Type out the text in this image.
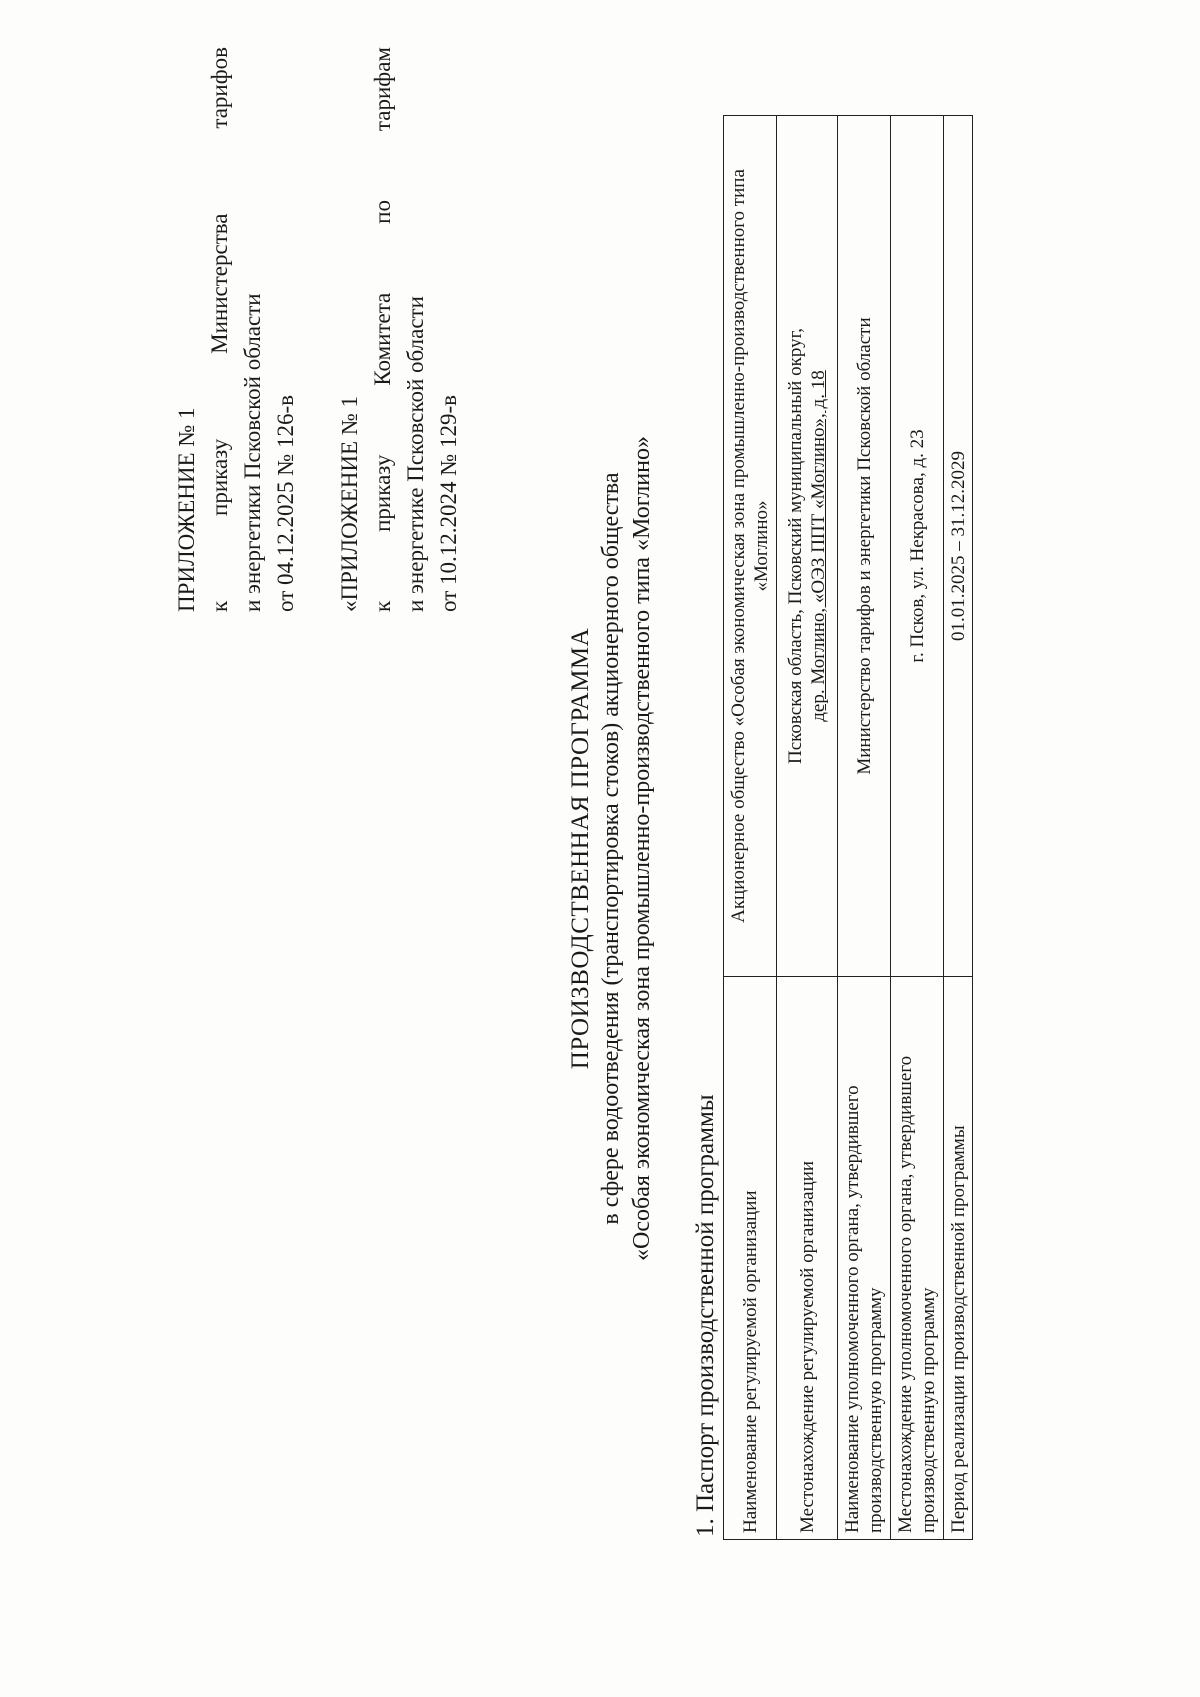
ПРИЛОЖЕНИЕ № 1 к
приказу
Министерства
тарифов
и энергетики Псковской области от 04.12.2025 № 126-в «ПРИЛОЖЕНИЕ № 1 к
приказу
Комитета
по
тарифам
и энергетике Псковской области от 10.12.2024 № 129-в
ПРОИЗВОДСТВЕННАЯ ПРОГРАММА в сфере водоотведения (транспортировка стоков) акционерного общества «Особая экономическая зона промышленно-производственного типа «Моглино»
1. Паспорт производственной программы Наименование регулируемой организации	Акционерное общество «Особая экономическая зона промышленно-производственного типа «Моглино»
Местонахождение регулируемой организации	Псковская область, Псковский муниципальный округ, дер. Моглино, «ОЭЗ ППТ «Моглино», д. 18

Наименование уполномоченного органа, утвердившего производственную программу	Министерство тарифов и энергетики Псковской области
Местонахождение уполномоченного органа, утвердившего производственную программу	г. Псков, ул. Некрасова, д. 23
Период реализации производственной программы	01.01.2025 – 31.12.2029
